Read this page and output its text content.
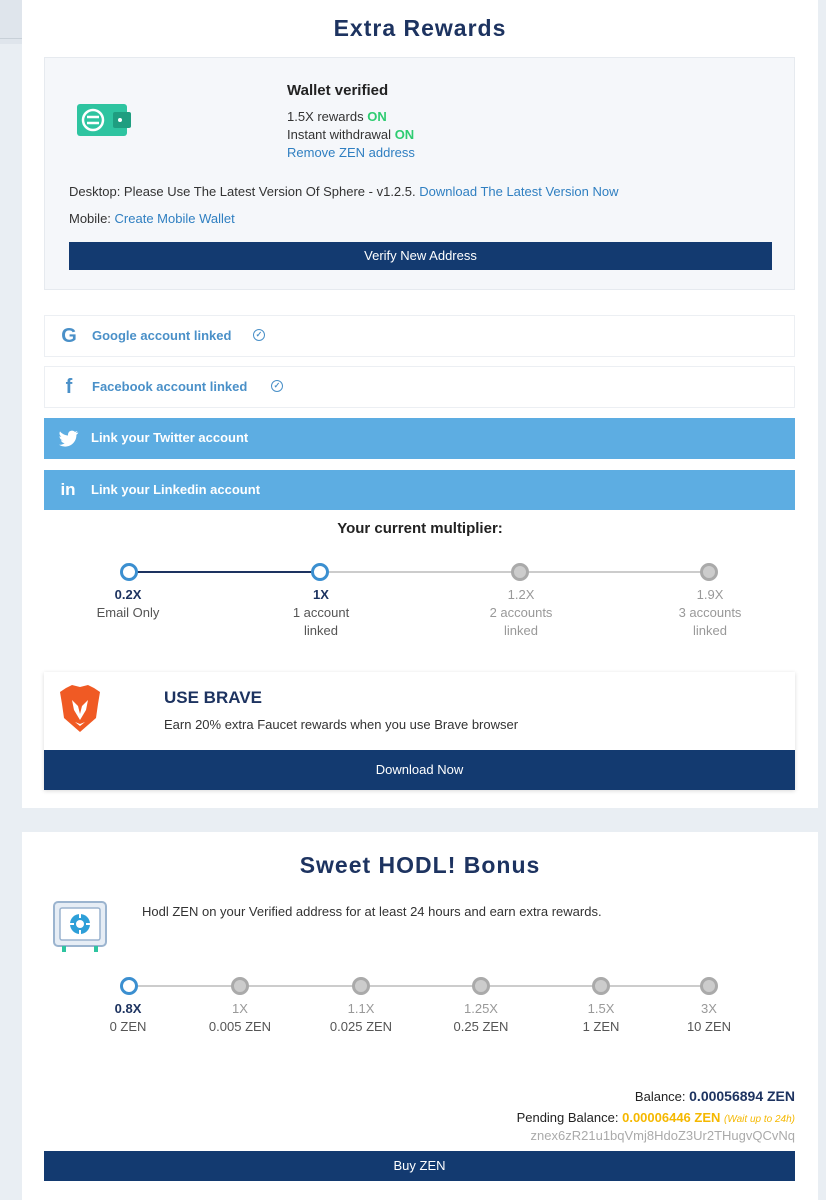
Extra Rewards
Wallet verified
1.5X rewards ON
Instant withdrawal ON
Remove ZEN address
Desktop: Please Use The Latest Version Of Sphere - v1.2.5. Download The Latest Version Now
Mobile: Create Mobile Wallet
Verify New Address
G	Google account linked	✓
f	Facebook account linked	✓
Link your Twitter account
in	Link your Linkedin account
Your current multiplier:
0.2X
Email Only
1X
1 account
linked
1.2X
2 accounts
linked
1.9X
3 accounts
linked
USE BRAVE
Earn 20% extra Faucet rewards when you use Brave browser
Download Now
Sweet HODL! Bonus
Hodl ZEN on your Verified address for at least 24 hours and earn extra rewards.
0.8X
0 ZEN
1X
0.005 ZEN
1.1X
0.025 ZEN
1.25X
0.25 ZEN
1.5X
1 ZEN
3X
10 ZEN
Balance: 0.00056894 ZEN
Pending Balance: 0.00006446 ZEN (Wait up to 24h)
znex6zR21u1bqVmj8HdoZ3Ur2THugvQCvNq
Buy ZEN
